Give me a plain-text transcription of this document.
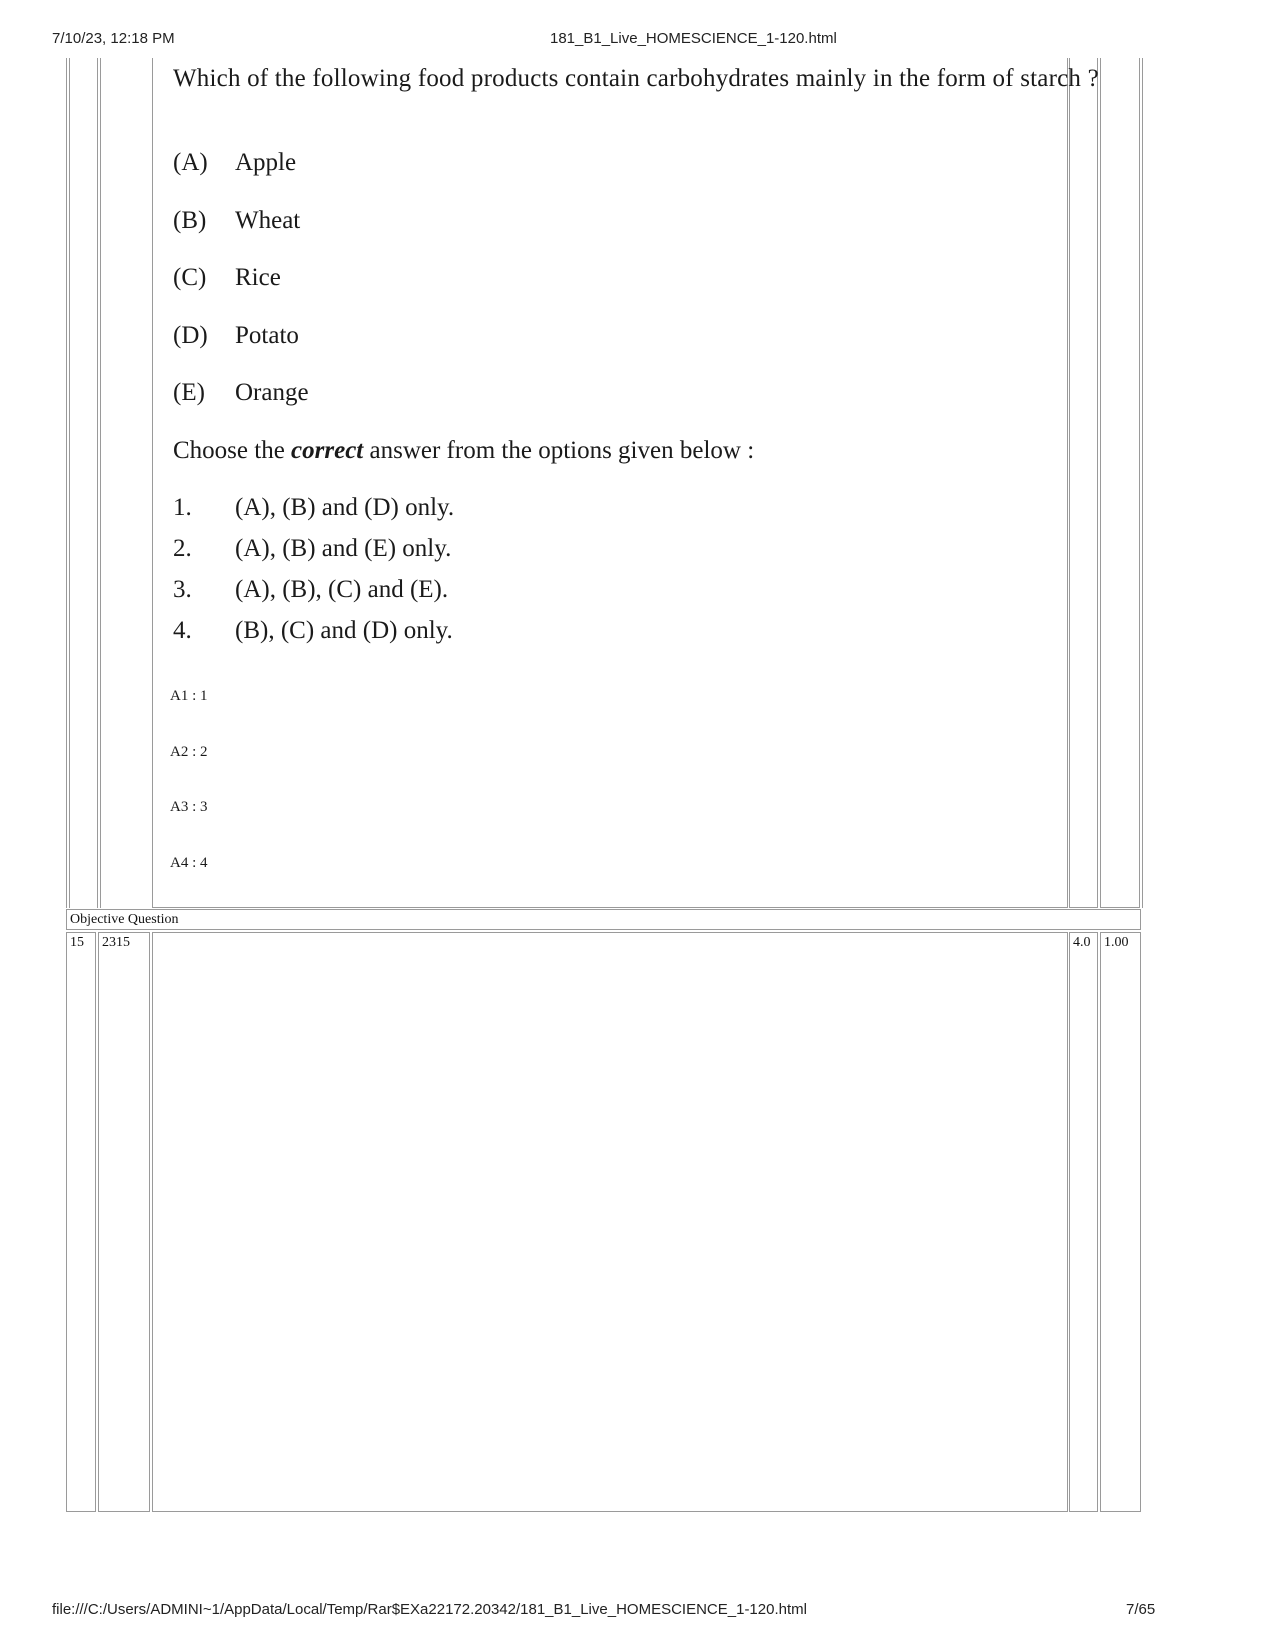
7/10/23, 12:18 PM	181_B1_Live_HOMESCIENCE_1-120.html
Which of the following food products contain carbohydrates mainly in the form of starch ?
(A) Apple
(B) Wheat
(C) Rice
(D) Potato
(E) Orange
Choose the correct answer from the options given below :
1. (A), (B) and (D) only.
2. (A), (B) and (E) only.
3. (A), (B), (C) and (E).
4. (B), (C) and (D) only.
A1 : 1
A2 : 2
A3 : 3
A4 : 4
Objective Question
15	2315	4.0 1.00
file:///C:/Users/ADMINI~1/AppData/Local/Temp/Rar$EXa22172.20342/181_B1_Live_HOMESCIENCE_1-120.html	7/65
